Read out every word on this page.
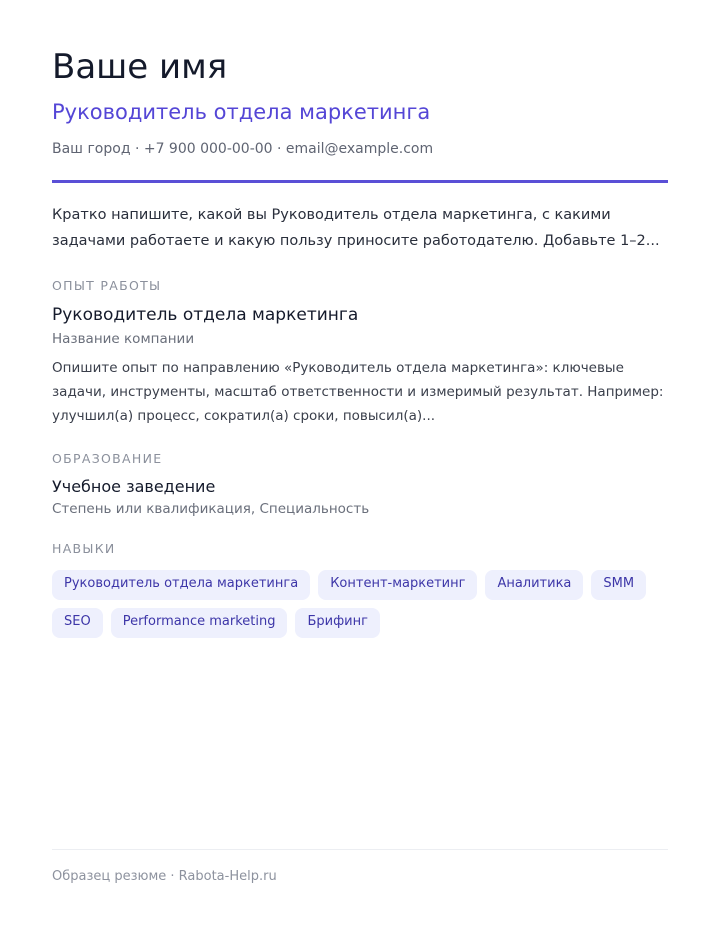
Ваше имя
Руководитель отдела маркетинга
Ваш город · +7 900 000-00-00 · email@example.com

Кратко напишите, какой вы Руководитель отдела маркетинга, с какими задачами работаете и какую пользу приносите работодателю. Добавьте 1–2...

ОПЫТ РАБОТЫ
Руководитель отдела маркетинга
Название компании

Опишите опыт по направлению «Руководитель отдела маркетинга»: ключевые задачи, инструменты, масштаб ответственности и измеримый результат. Например: улучшил(а) процесс, сократил(а) сроки, повысил(а)...

ОБРАЗОВАНИЕ
Учебное заведение
Степень или квалификация, Специальность
НАВЫКИ
Руководитель отдела маркетинга	Контент-маркетинг	Аналитика	SMM
SEO	Performance marketing	Брифинг
Образец резюме · Rabota-Help.ru
